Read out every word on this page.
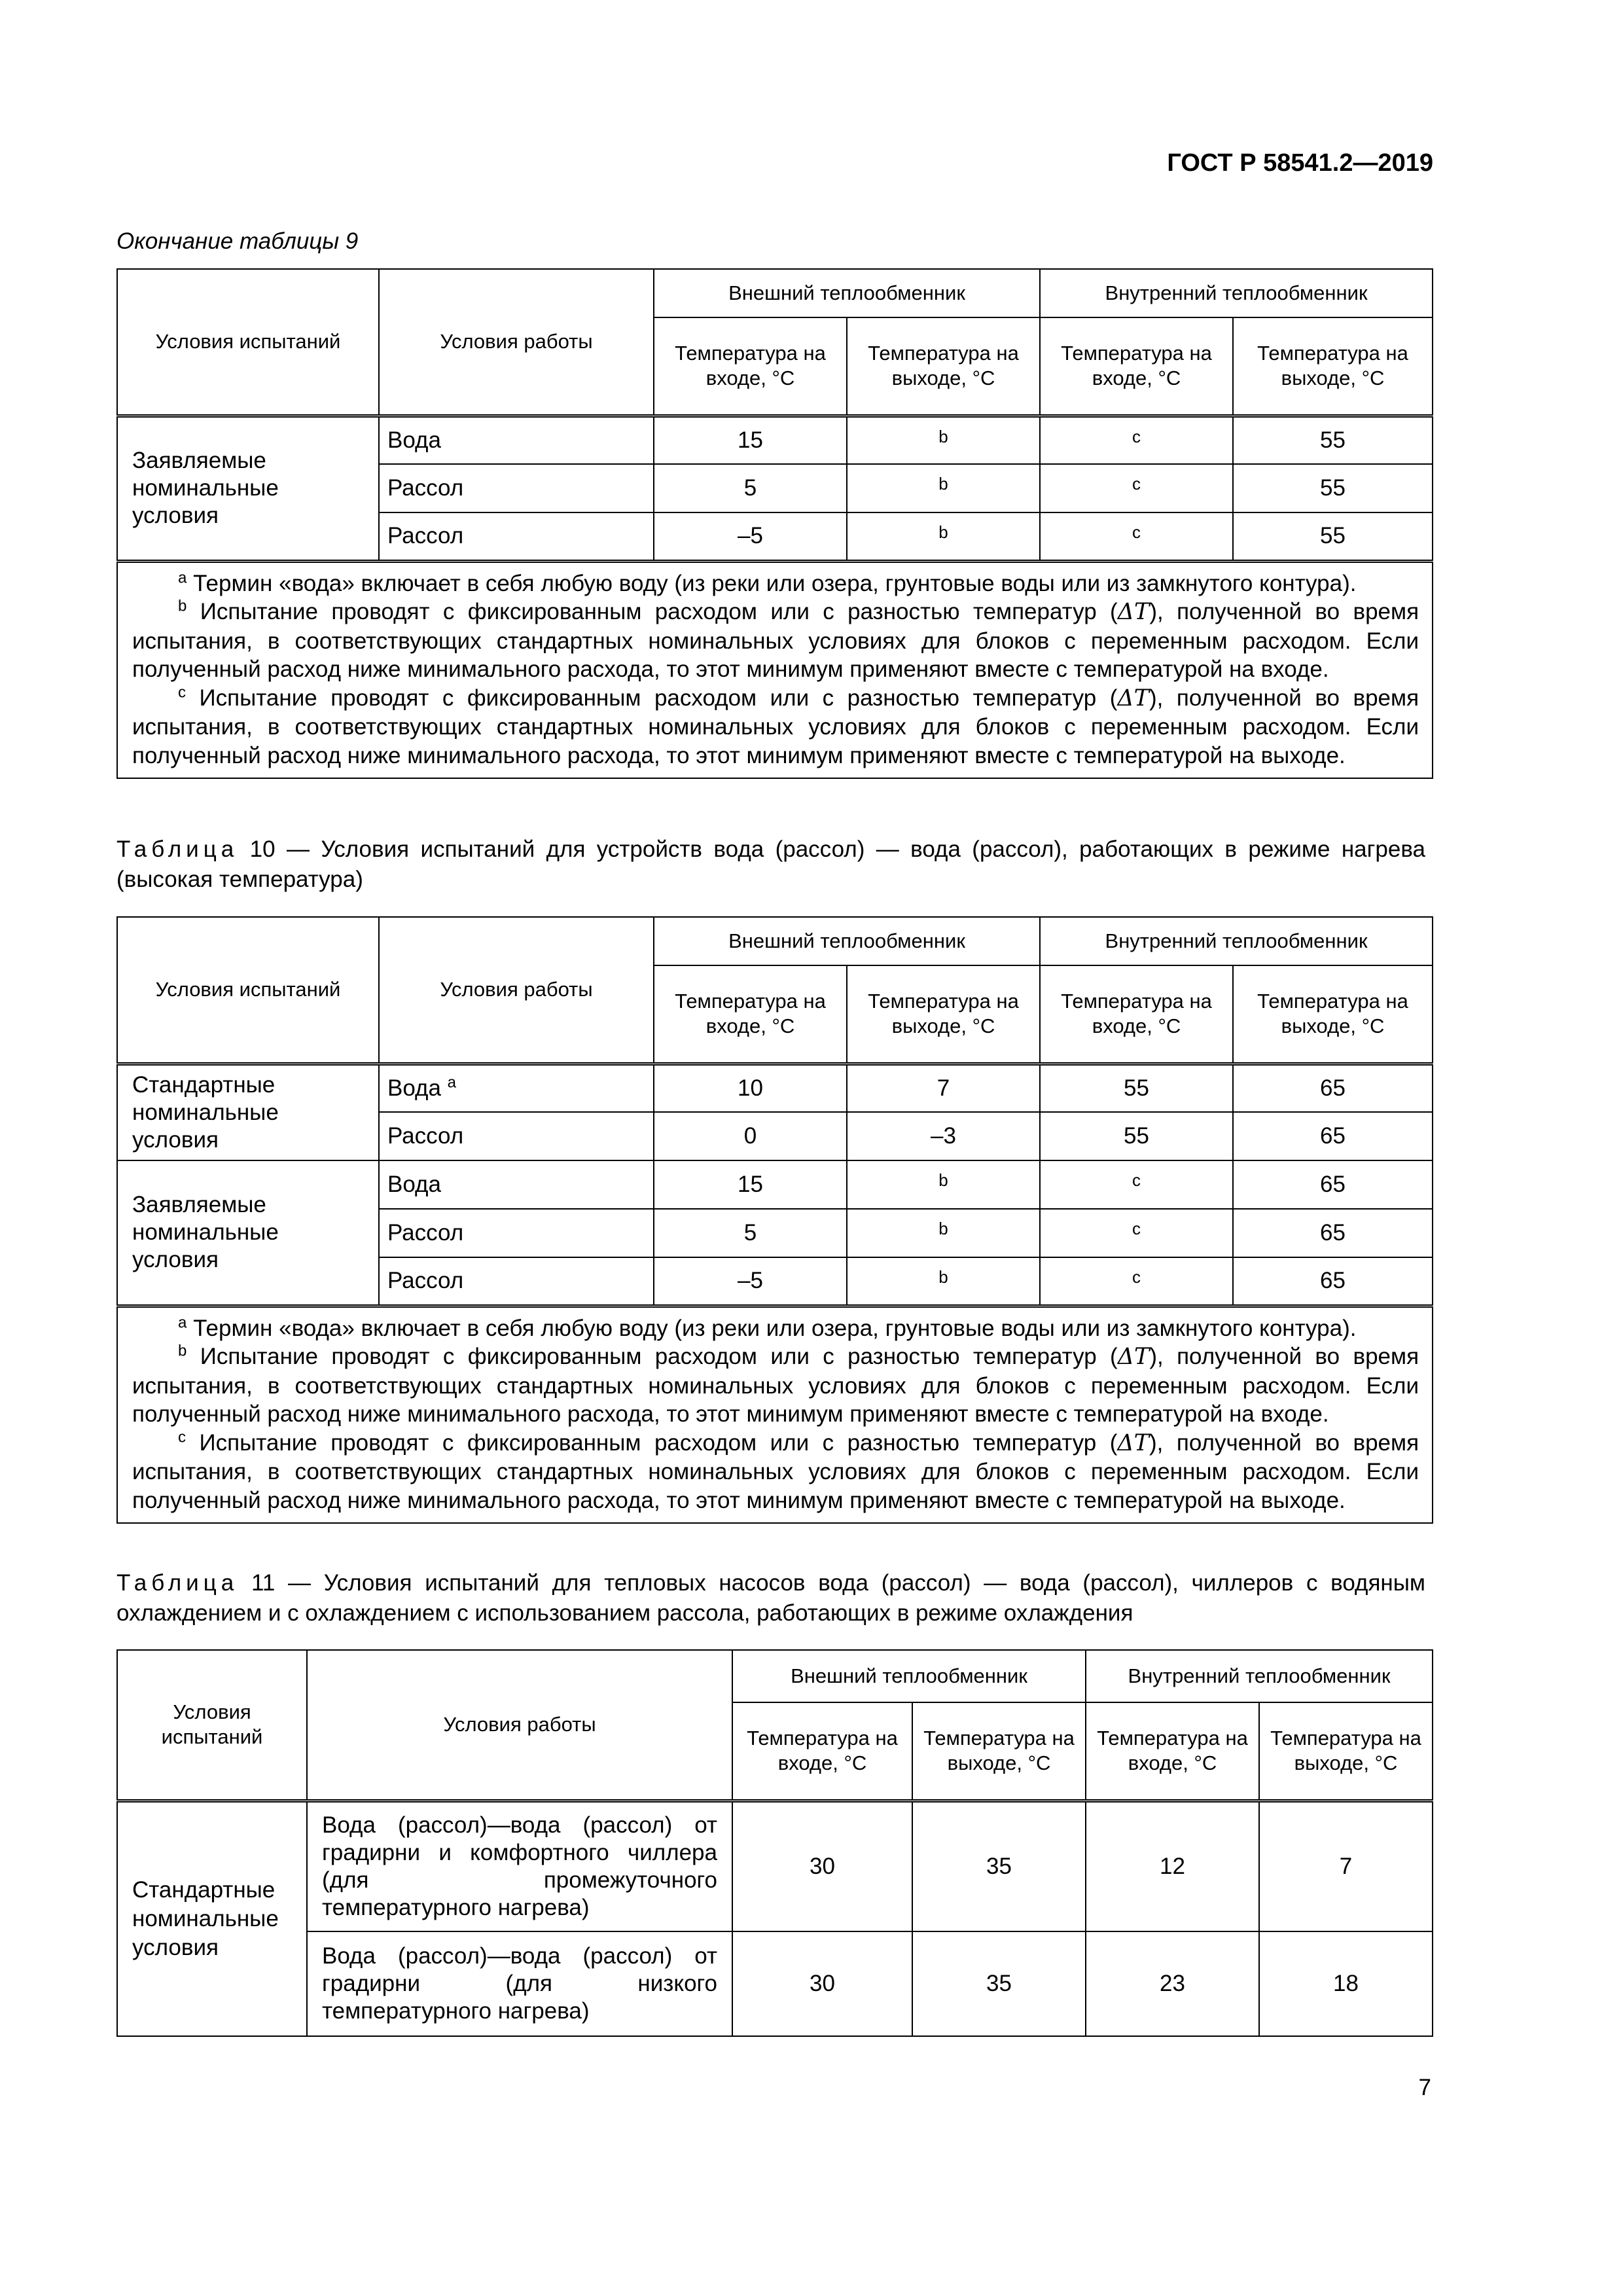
ГОСТ Р 58541.2—2019
Окончание таблицы 9
Условия испытаний	Условия работы	Внешний теплообменник		Внутренний теплообменник	
		Температура на входе, °С	Температура на выходе, °С	Температура на входе, °С	Температура на выходе, °С
Заявляемые номинальные условия	Вода	15	b	c	55
	Рассол	5	b	c	55
	Рассол	–5	b	c	55

$^а$ Термин «вода» включает в себя любую воду (из реки или озера, грунтовые воды или из замкнутого контура).
$^b$ Испытание проводят с фиксированным расходом или с разностью температур (ΔT), полученной во время испытания, в соответствующих стандартных номинальных условиях для блоков с переменным расходом. Если полученный расход ниже минимального расхода, то этот минимум применяют вместе с температурой на входе.
$^с$ Испытание проводят с фиксированным расходом или с разностью температур (ΔT), полученной во время испытания, в соответствующих стандартных номинальных условиях для блоков с переменным расходом. Если полученный расход ниже минимального расхода, то этот минимум применяют вместе с температурой на выходе.					
Таблица 10 — Условия испытаний для устройств вода (рассол) — вода (рассол), работающих в режиме нагрева (высокая температура)
Условия испытаний	Условия работы	Внешний теплообменник		Внутренний теплообменник	
		Температура на входе, °С	Температура на выходе, °С	Температура на входе, °С	Температура на выходе, °С
Стандартные номинальные условия	Вода $^а$	10	7	55	65
	Рассол	0	–3	55	65
Заявляемые номинальные условия	Вода	15	b	c	65
	Рассол	5	b	c	65
	Рассол	–5	b	c	65

$^а$ Термин «вода» включает в себя любую воду (из реки или озера, грунтовые воды или из замкнутого контура).
$^b$ Испытание проводят с фиксированным расходом или с разностью температур (ΔT), полученной во время испытания, в соответствующих стандартных номинальных условиях для блоков с переменным расходом. Если полученный расход ниже минимального расхода, то этот минимум применяют вместе с температурой на входе.
$^с$ Испытание проводят с фиксированным расходом или с разностью температур (ΔT), полученной во время испытания, в соответствующих стандартных номинальных условиях для блоков с переменным расходом. Если полученный расход ниже минимального расхода, то этот минимум применяют вместе с температурой на выходе.					
Таблица 11 — Условия испытаний для тепловых насосов вода (рассол) — вода (рассол), чиллеров с водяным охлаждением и с охлаждением с использованием рассола, работающих в режиме охлаждения
Условия испытаний	Условия работы	Внешний теплообменник		Внутренний теплообменник	
		Температура на входе, °С	Температура на выходе, °С	Температура на входе, °С	Температура на выходе, °С
Стандартные номинальные условия	Вода (рассол)—вода (рассол) от градирни и комфортного чиллера (для промежуточного температурного нагрева)	30	35	12	7
	Вода (рассол)—вода (рассол) от градирни (для низкого температурного нагрева)	30	35	23	18
7
